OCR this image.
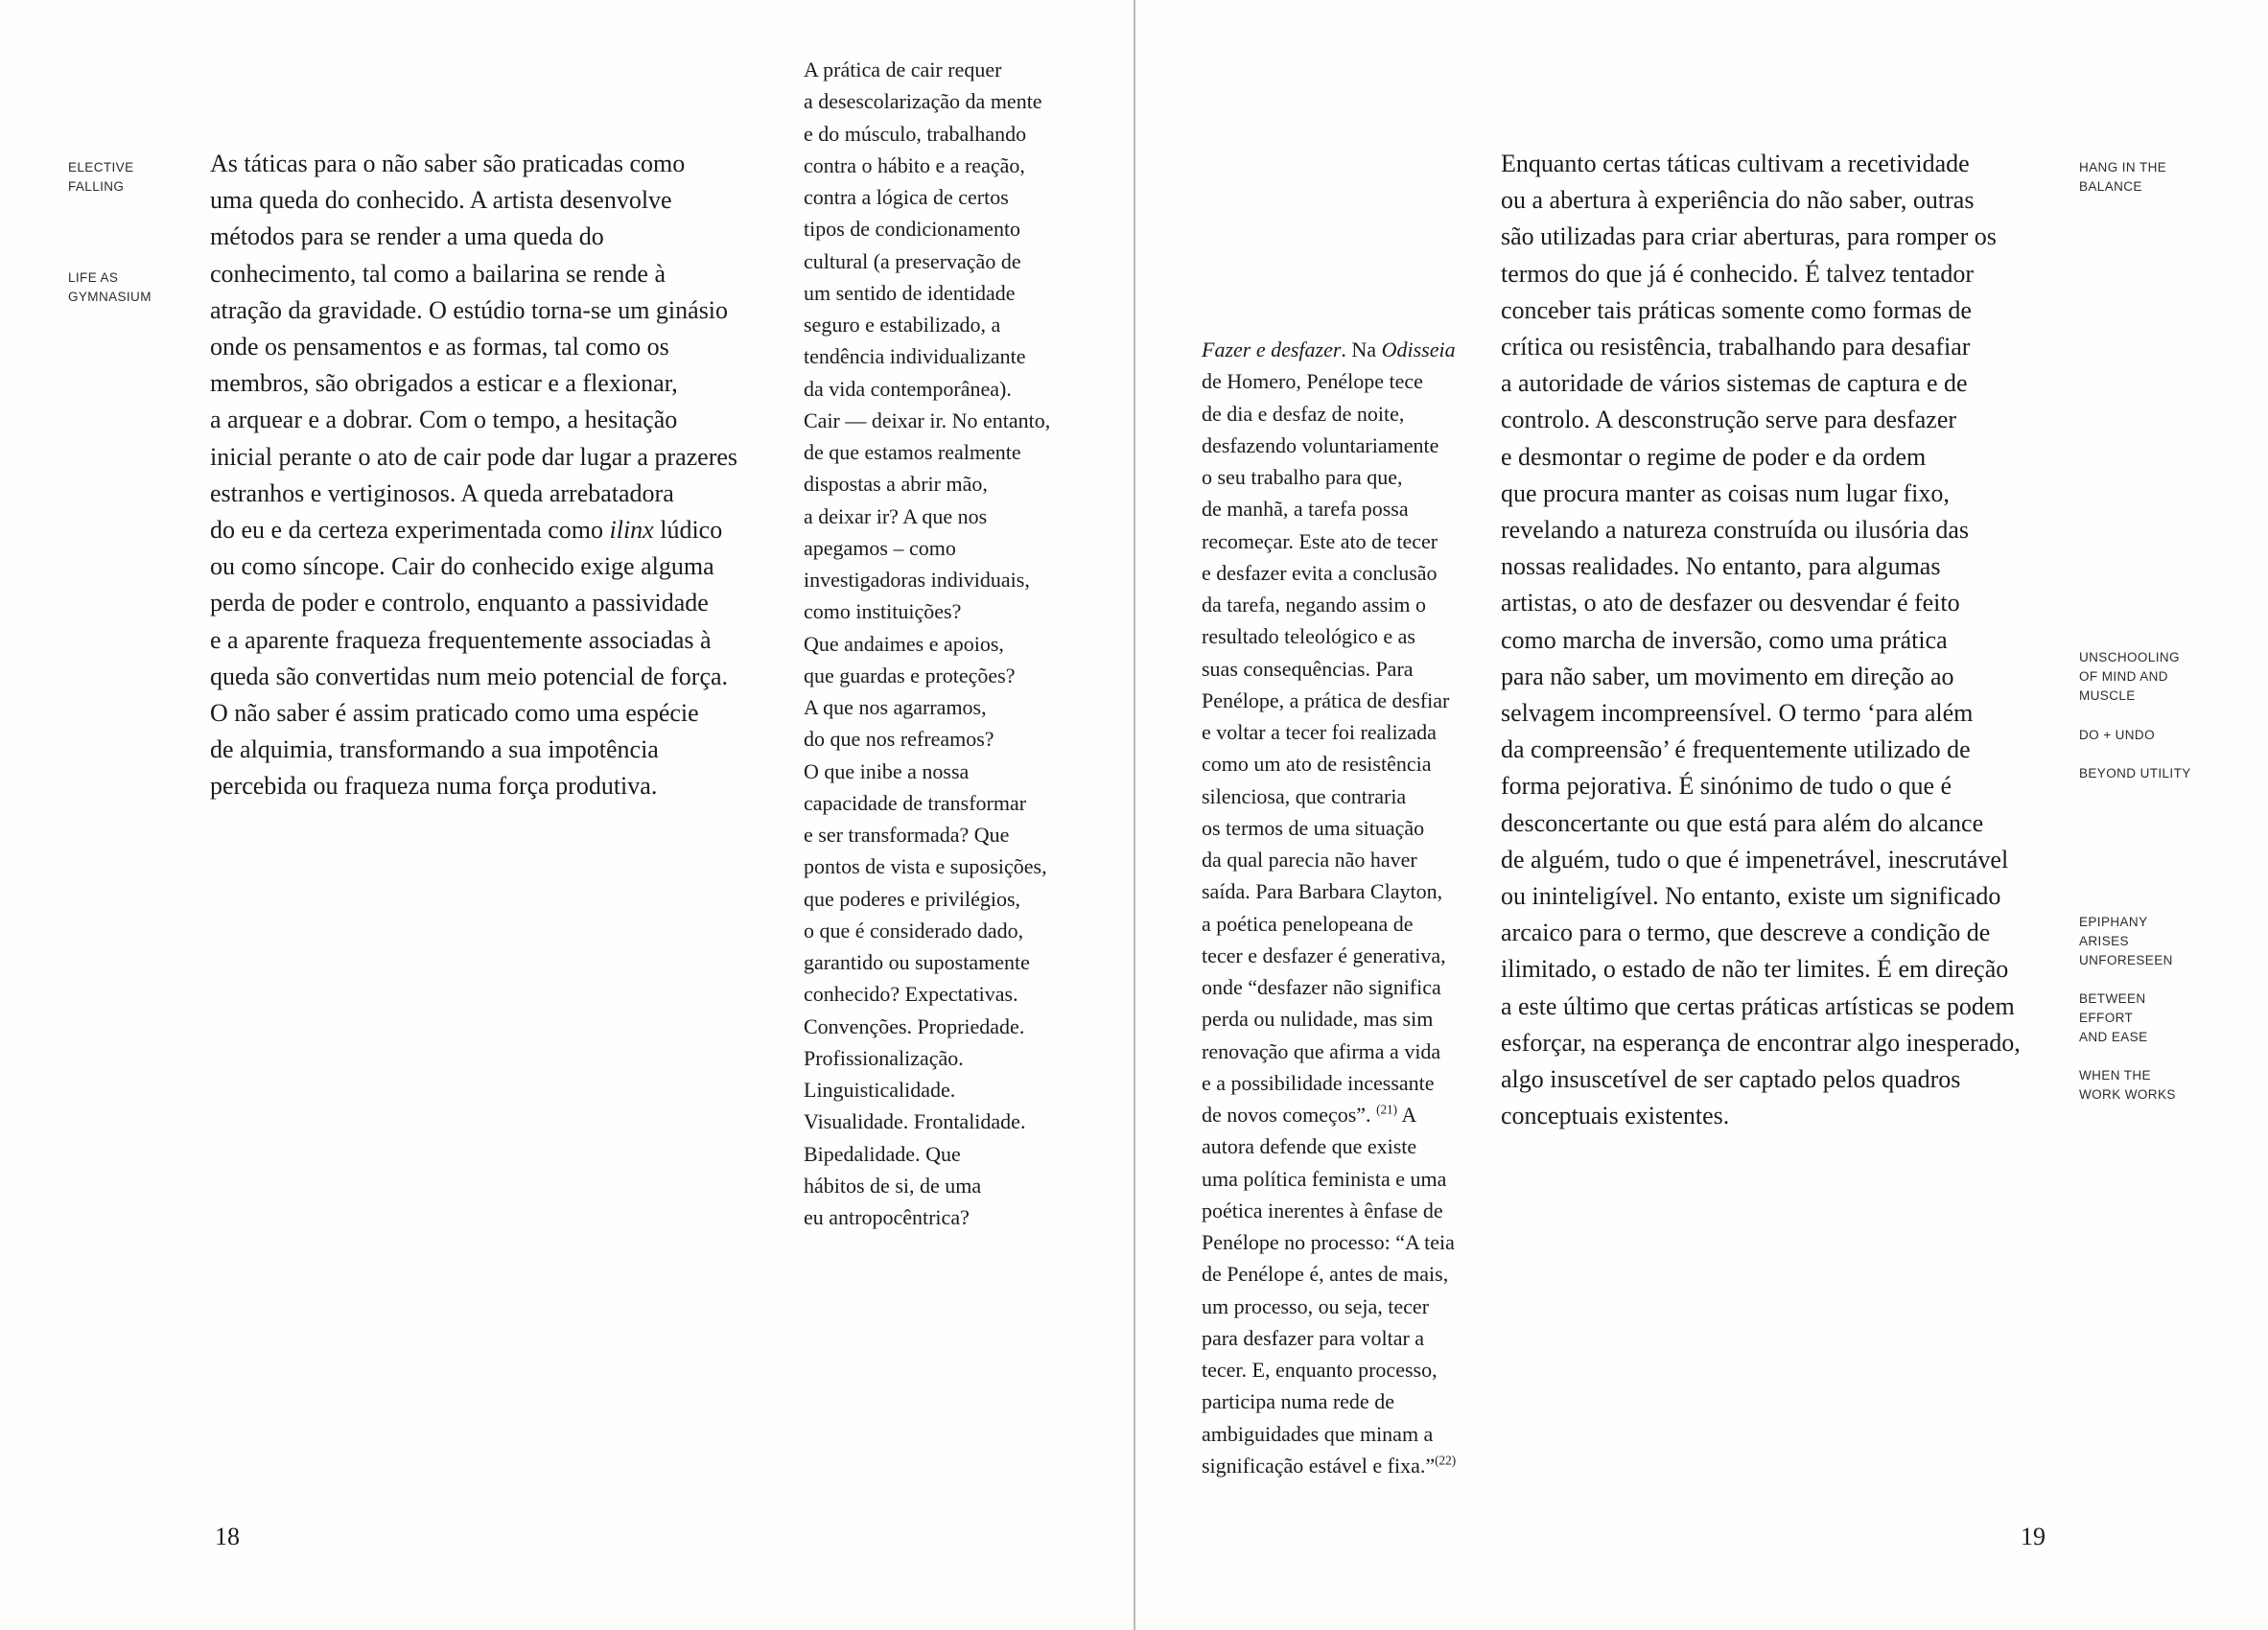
ELECTIVE
FALLING
LIFE AS
GYMNASIUM
As táticas para o não saber são praticadas como
uma queda do conhecido. A artista desenvolve
métodos para se render a uma queda do
conhecimento, tal como a bailarina se rende à
atração da gravidade. O estúdio torna-se um ginásio
onde os pensamentos e as formas, tal como os
membros, são obrigados a esticar e a flexionar,
a arquear e a dobrar. Com o tempo, a hesitação
inicial perante o ato de cair pode dar lugar a prazeres
estranhos e vertiginosos. A queda arrebatadora
do eu e da certeza experimentada como ilinx lúdico
ou como síncope. Cair do conhecido exige alguma
perda de poder e controlo, enquanto a passividade
e a aparente fraqueza frequentemente associadas à
queda são convertidas num meio potencial de força.
O não saber é assim praticado como uma espécie
de alquimia, transformando a sua impotência
percebida ou fraqueza numa força produtiva.
A prática de cair requer
a desescolarização da mente
e do músculo, trabalhando
contra o hábito e a reação,
contra a lógica de certos
tipos de condicionamento
cultural (a preservação de
um sentido de identidade
seguro e estabilizado, a
tendência individualizante
da vida contemporânea).
Cair — deixar ir. No entanto,
de que estamos realmente
dispostas a abrir mão,
a deixar ir? A que nos
apegamos – como
investigadoras individuais,
como instituições?
Que andaimes e apoios,
que guardas e proteções?
A que nos agarramos,
do que nos refreamos?
O que inibe a nossa
capacidade de transformar
e ser transformada? Que
pontos de vista e suposições,
que poderes e privilégios,
o que é considerado dado,
garantido ou supostamente
conhecido? Expectativas.
Convenções. Propriedade.
Profissionalização.
Linguisticalidade.
Visualidade. Frontalidade.
Bipedalidade. Que
hábitos de si, de uma
eu antropocêntrica?
18
Fazer e desfazer. Na Odisseia
de Homero, Penélope tece
de dia e desfaz de noite,
desfazendo voluntariamente
o seu trabalho para que,
de manhã, a tarefa possa
recomeçar. Este ato de tecer
e desfazer evita a conclusão
da tarefa, negando assim o
resultado teleológico e as
suas consequências. Para
Penélope, a prática de desfiar
e voltar a tecer foi realizada
como um ato de resistência
silenciosa, que contraria
os termos de uma situação
da qual parecia não haver
saída. Para Barbara Clayton,
a poética penelopeana de
tecer e desfazer é generativa,
onde “desfazer não significa
perda ou nulidade, mas sim
renovação que afirma a vida
e a possibilidade incessante
de novos começos”. $^{(21)}$ A
autora defende que existe
uma política feminista e uma
poética inerentes à ênfase de
Penélope no processo: “A teia
de Penélope é, antes de mais,
um processo, ou seja, tecer
para desfazer para voltar a
tecer. E, enquanto processo,
participa numa rede de
ambiguidades que minam a
significação estável e fixa.”$^{(22)}$
Enquanto certas táticas cultivam a recetividade
ou a abertura à experiência do não saber, outras
são utilizadas para criar aberturas, para romper os
termos do que já é conhecido. É talvez tentador
conceber tais práticas somente como formas de
crítica ou resistência, trabalhando para desafiar
a autoridade de vários sistemas de captura e de
controlo. A desconstrução serve para desfazer
e desmontar o regime de poder e da ordem
que procura manter as coisas num lugar fixo,
revelando a natureza construída ou ilusória das
nossas realidades. No entanto, para algumas
artistas, o ato de desfazer ou desvendar é feito
como marcha de inversão, como uma prática
para não saber, um movimento em direção ao
selvagem incompreensível. O termo ‘para além
da compreensão’ é frequentemente utilizado de
forma pejorativa. É sinónimo de tudo o que é
desconcertante ou que está para além do alcance
de alguém, tudo o que é impenetrável, inescrutável
ou ininteligível. No entanto, existe um significado
arcaico para o termo, que descreve a condição de
ilimitado, o estado de não ter limites. É em direção
a este último que certas práticas artísticas se podem
esforçar, na esperança de encontrar algo inesperado,
algo insuscetível de ser captado pelos quadros
conceptuais existentes.
HANG IN THE
BALANCE
UNSCHOOLING
OF MIND AND
MUSCLE
DO + UNDO
BEYOND UTILITY
EPIPHANY
ARISES
UNFORESEEN
BETWEEN
EFFORT
AND EASE
WHEN THE
WORK WORKS
19
